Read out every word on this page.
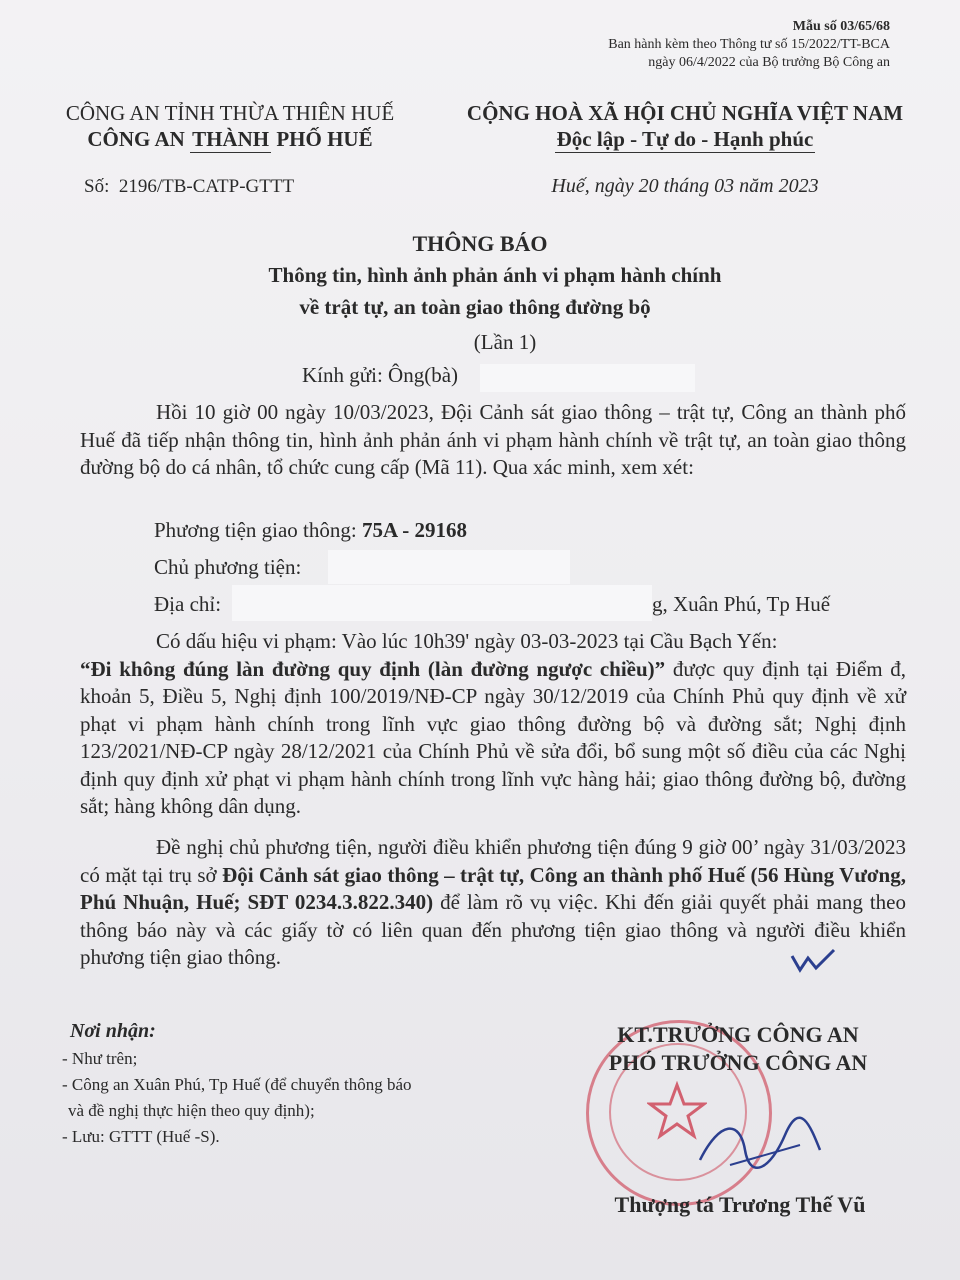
Mẫu số 03/65/68
Ban hành kèm theo Thông tư số 15/2022/TT-BCA
ngày 06/4/2022 của Bộ trưởng Bộ Công an
CÔNG AN TỈNH THỪA THIÊN HUẾ
CÔNG AN THÀNH PHỐ HUẾ
Số: 2196/TB-CATP-GTTT
CỘNG HOÀ XÃ HỘI CHỦ NGHĨA VIỆT NAM
Độc lập - Tự do - Hạnh phúc
Huế, ngày 20 tháng 03 năm 2023
THÔNG BÁO
Thông tin, hình ảnh phản ánh vi phạm hành chính
về trật tự, an toàn giao thông đường bộ
(Lần 1)
Kính gửi: Ông(bà)
Hồi 10 giờ 00 ngày 10/03/2023, Đội Cảnh sát giao thông – trật tự, Công an thành phố Huế đã tiếp nhận thông tin, hình ảnh phản ánh vi phạm hành chính về trật tự, an toàn giao thông đường bộ do cá nhân, tổ chức cung cấp (Mã 11). Qua xác minh, xem xét:
Phương tiện giao thông: 75A - 29168
Chủ phương tiện:
Địa chỉ:	g, Xuân Phú, Tp Huế
Có dấu hiệu vi phạm: Vào lúc 10h39' ngày 03-03-2023 tại Cầu Bạch Yến:
“Đi không đúng làn đường quy định (làn đường ngược chiều)” được quy định tại Điểm đ, khoản 5, Điều 5, Nghị định 100/2019/NĐ-CP ngày 30/12/2019 của Chính Phủ quy định về xử phạt vi phạm hành chính trong lĩnh vực giao thông đường bộ và đường sắt; Nghị định 123/2021/NĐ-CP ngày 28/12/2021 của Chính Phủ về sửa đổi, bổ sung một số điều của các Nghị định quy định xử phạt vi phạm hành chính trong lĩnh vực hàng hải; giao thông đường bộ, đường sắt; hàng không dân dụng.
Đề nghị chủ phương tiện, người điều khiển phương tiện đúng 9 giờ 00’ ngày 31/03/2023 có mặt tại trụ sở Đội Cảnh sát giao thông – trật tự, Công an thành phố Huế (56 Hùng Vương, Phú Nhuận, Huế; SĐT 0234.3.822.340) để làm rõ vụ việc. Khi đến giải quyết phải mang theo thông báo này và các giấy tờ có liên quan đến phương tiện giao thông và người điều khiển phương tiện giao thông.
Nơi nhận:
- Như trên;
- Công an Xuân Phú, Tp Huế (để chuyển thông báo
và đề nghị thực hiện theo quy định);
- Lưu: GTTT (Huế -S).
KT.TRƯỞNG CÔNG AN
PHÓ TRƯỞNG CÔNG AN
Thượng tá Trương Thế Vũ
